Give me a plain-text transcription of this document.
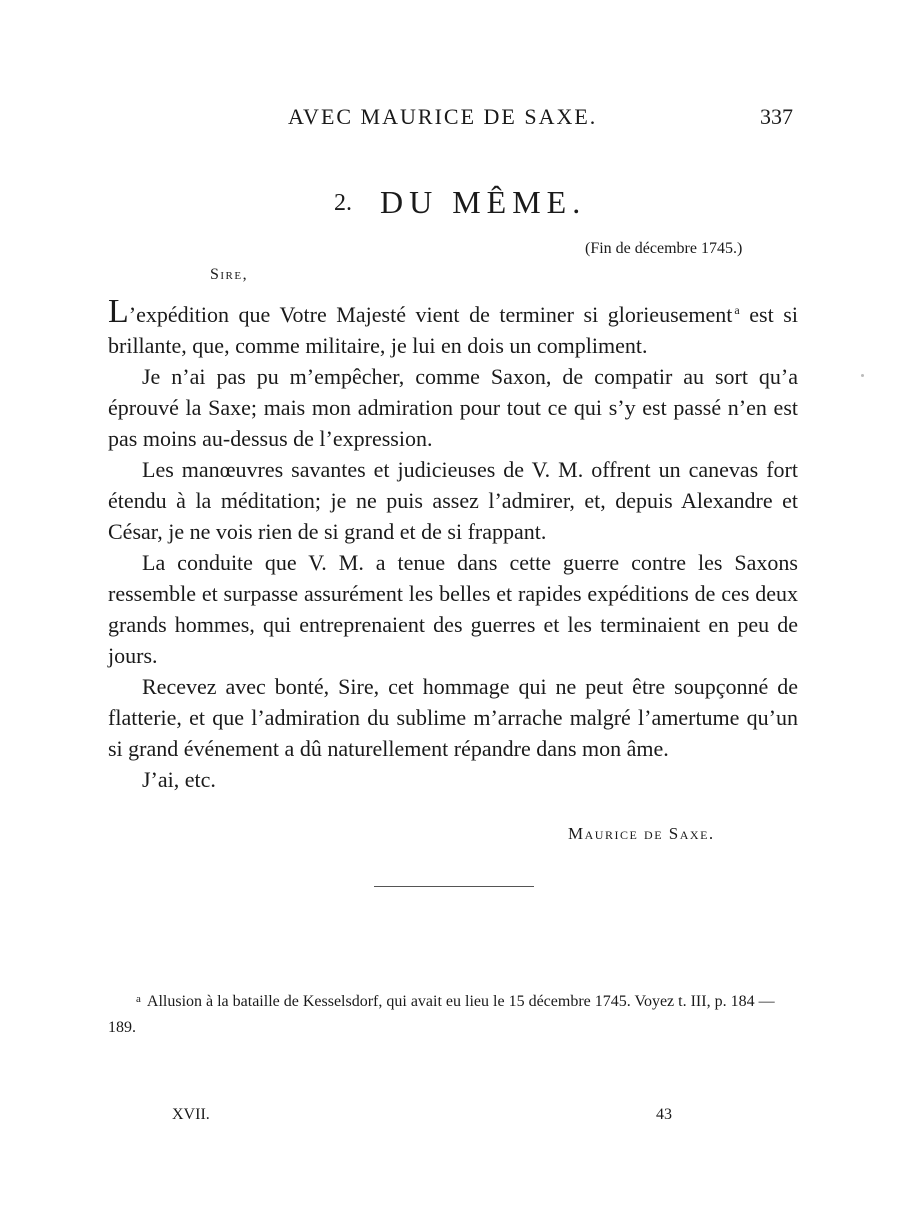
AVEC MAURICE DE SAXE.	337
2. DU MÊME.
(Fin de décembre 1745.)
Sire,

L’expédition que Votre Majesté vient de terminer si glorieusement $^a$ est si brillante, que, comme militaire, je lui en dois un compliment.

Je n’ai pas pu m’empêcher, comme Saxon, de compatir au sort qu’a éprouvé la Saxe; mais mon admiration pour tout ce qui s’y est passé n’en est pas moins au-dessus de l’expression.

Les manœuvres savantes et judicieuses de V. M. offrent un canevas fort étendu à la méditation; je ne puis assez l’admirer, et, depuis Alexandre et César, je ne vois rien de si grand et de si frappant.

La conduite que V. M. a tenue dans cette guerre contre les Saxons ressemble et surpasse assurément les belles et rapides expéditions de ces deux grands hommes, qui entreprenaient des guerres et les terminaient en peu de jours.

Recevez avec bonté, Sire, cet hommage qui ne peut être soupçonné de flatterie, et que l’admiration du sublime m’arrache malgré l’amertume qu’un si grand événement a dû naturellement répandre dans mon âme.

J’ai, etc.

Maurice de Saxe.
$^a$ Allusion à la bataille de Kesselsdorf, qui avait eu lieu le 15 décembre 1745. Voyez t. III, p. 184 — 189.
XVII.	43
